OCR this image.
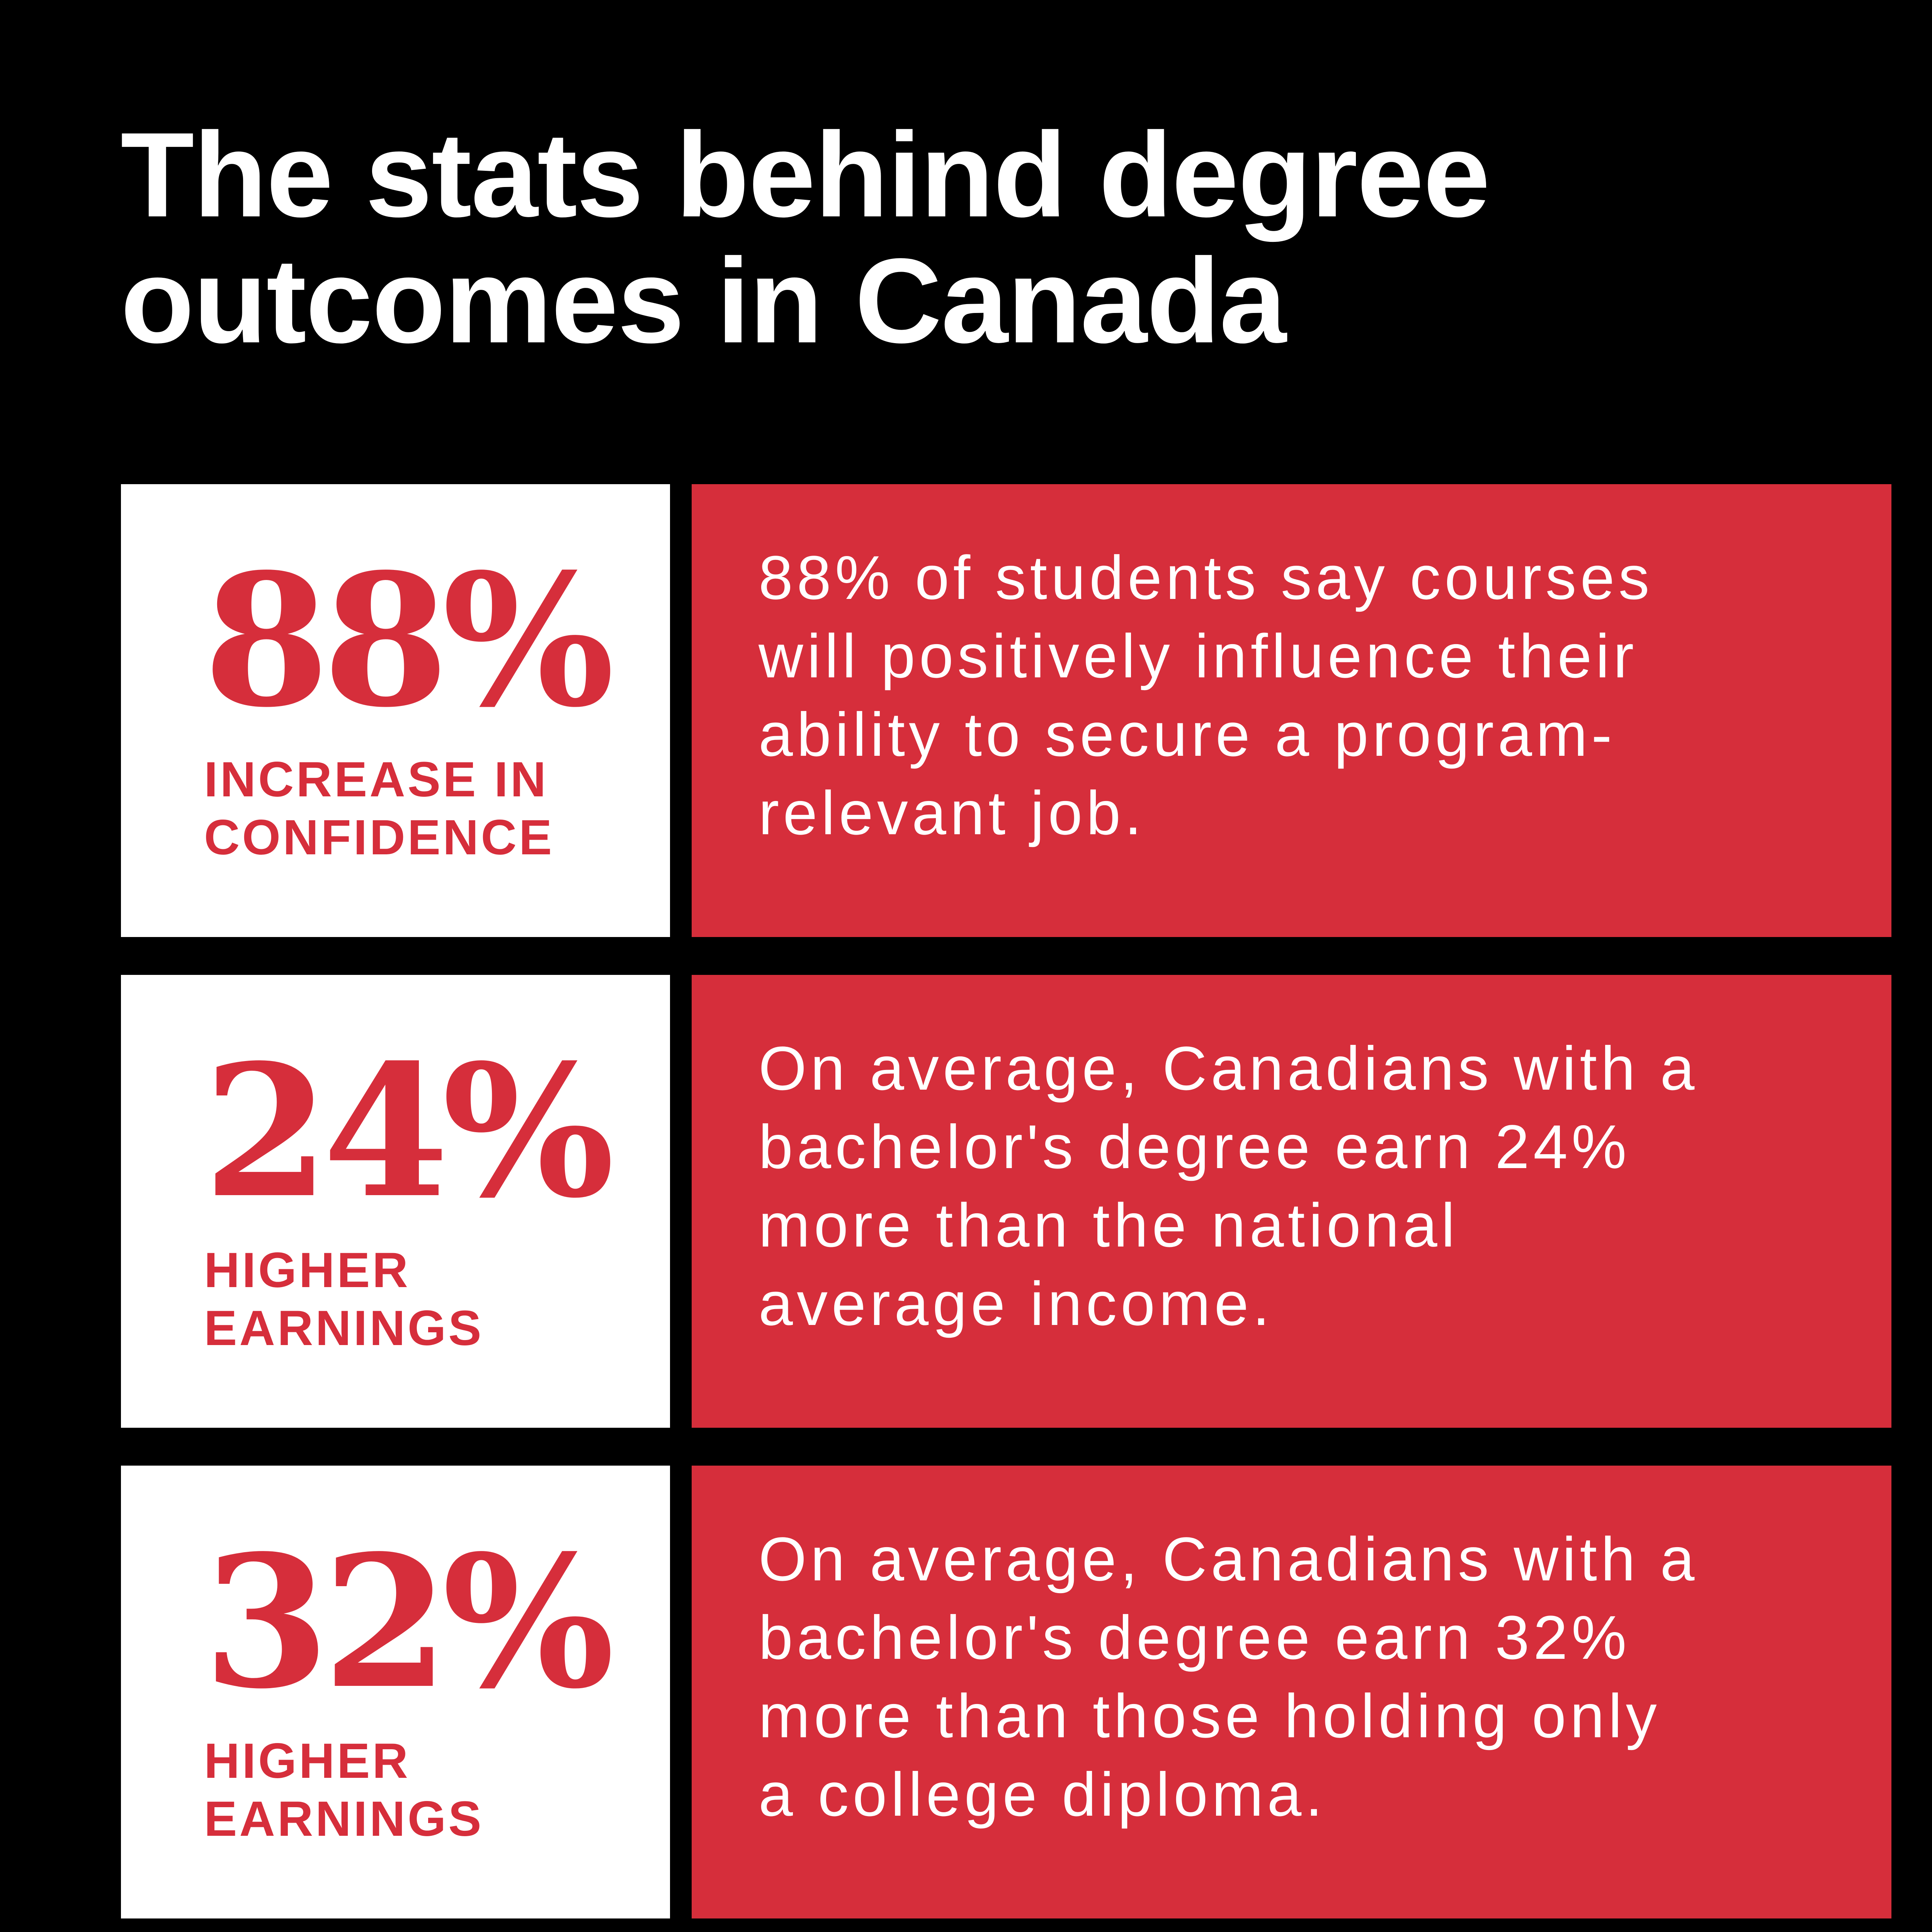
The stats behind degree
outcomes in Canada
88%
INCREASE IN
CONFIDENCE
88% of students say courses
will positively influence their
ability to secure a program-
relevant job.
24%
HIGHER
EARNINGS
On average, Canadians with a
bachelor's degree earn 24%
more than the national
average income.
32%
HIGHER
EARNINGS
On average, Canadians with a
bachelor's degree earn 32%
more than those holding only
a college diploma.
